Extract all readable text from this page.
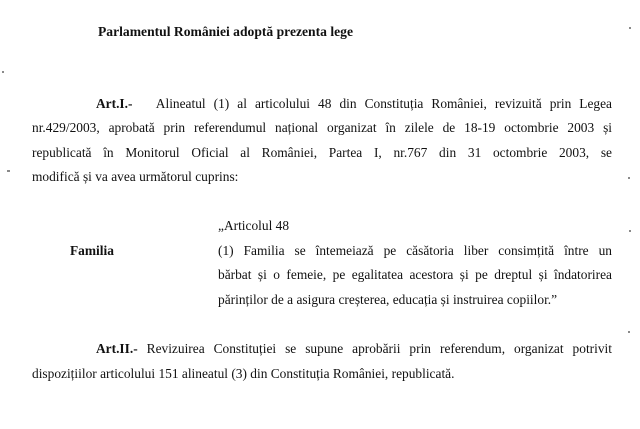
Parlamentul României adoptă prezenta lege
Art.I.- Alineatul (1) al articolului 48 din Constituția României, revizuită prin Legea
nr.429/2003, aprobată prin referendumul național organizat în zilele de 18-19 octombrie 2003 și
republicată în Monitorul Oficial al României, Partea I, nr.767 din 31 octombrie 2003, se
modifică și va avea următorul cuprins:
„Articolul 48
Familia	(1) Familia se întemeiază pe căsătoria liber consimțită între un
bărbat și o femeie, pe egalitatea acestora și pe dreptul și îndatorirea
părinților de a asigura creșterea, educația și instruirea copiilor.”
Art.II.- Revizuirea Constituției se supune aprobării prin referendum, organizat potrivit
dispozițiilor articolului 151 alineatul (3) din Constituția României, republicată.
